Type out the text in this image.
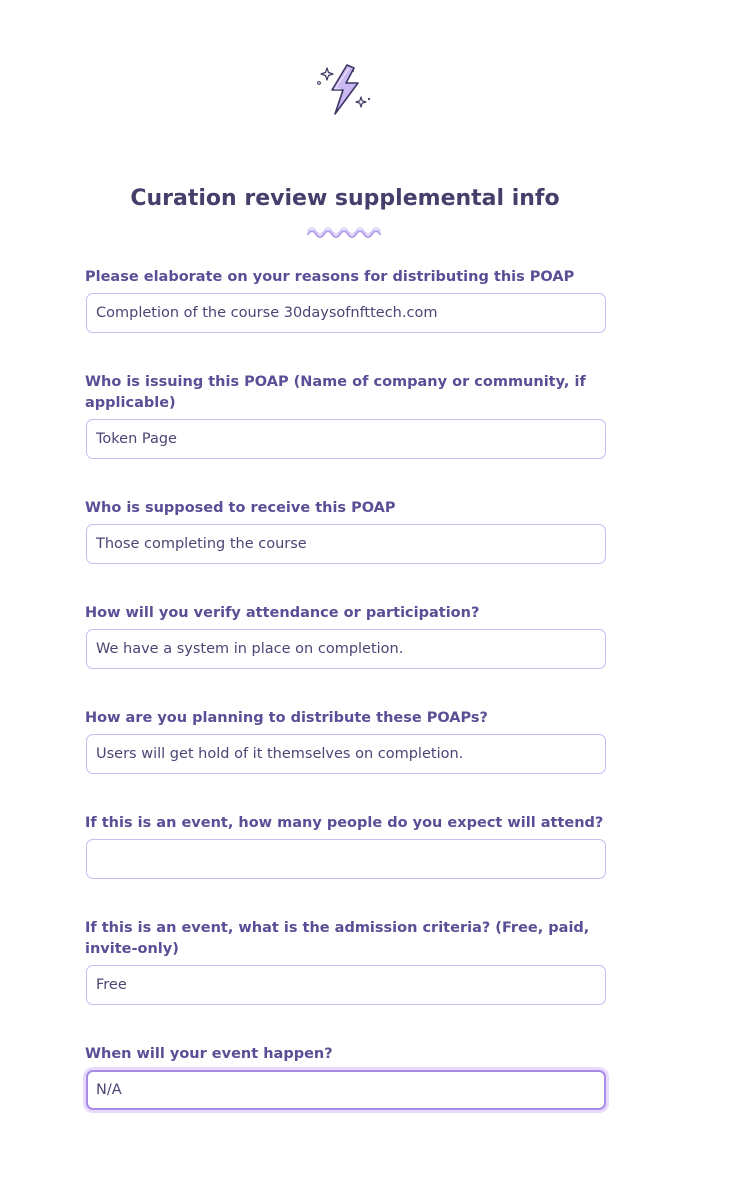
Curation review supplemental info
Please elaborate on your reasons for distributing this POAP
Completion of the course 30daysofnfttech.com
Who is issuing this POAP (Name of company or community, if applicable)
Token Page
Who is supposed to receive this POAP
Those completing the course
How will you verify attendance or participation?
We have a system in place on completion.
How are you planning to distribute these POAPs?
Users will get hold of it themselves on completion.
If this is an event, how many people do you expect will attend?
If this is an event, what is the admission criteria? (Free, paid, invite-only)
Free
When will your event happen?
N/A
